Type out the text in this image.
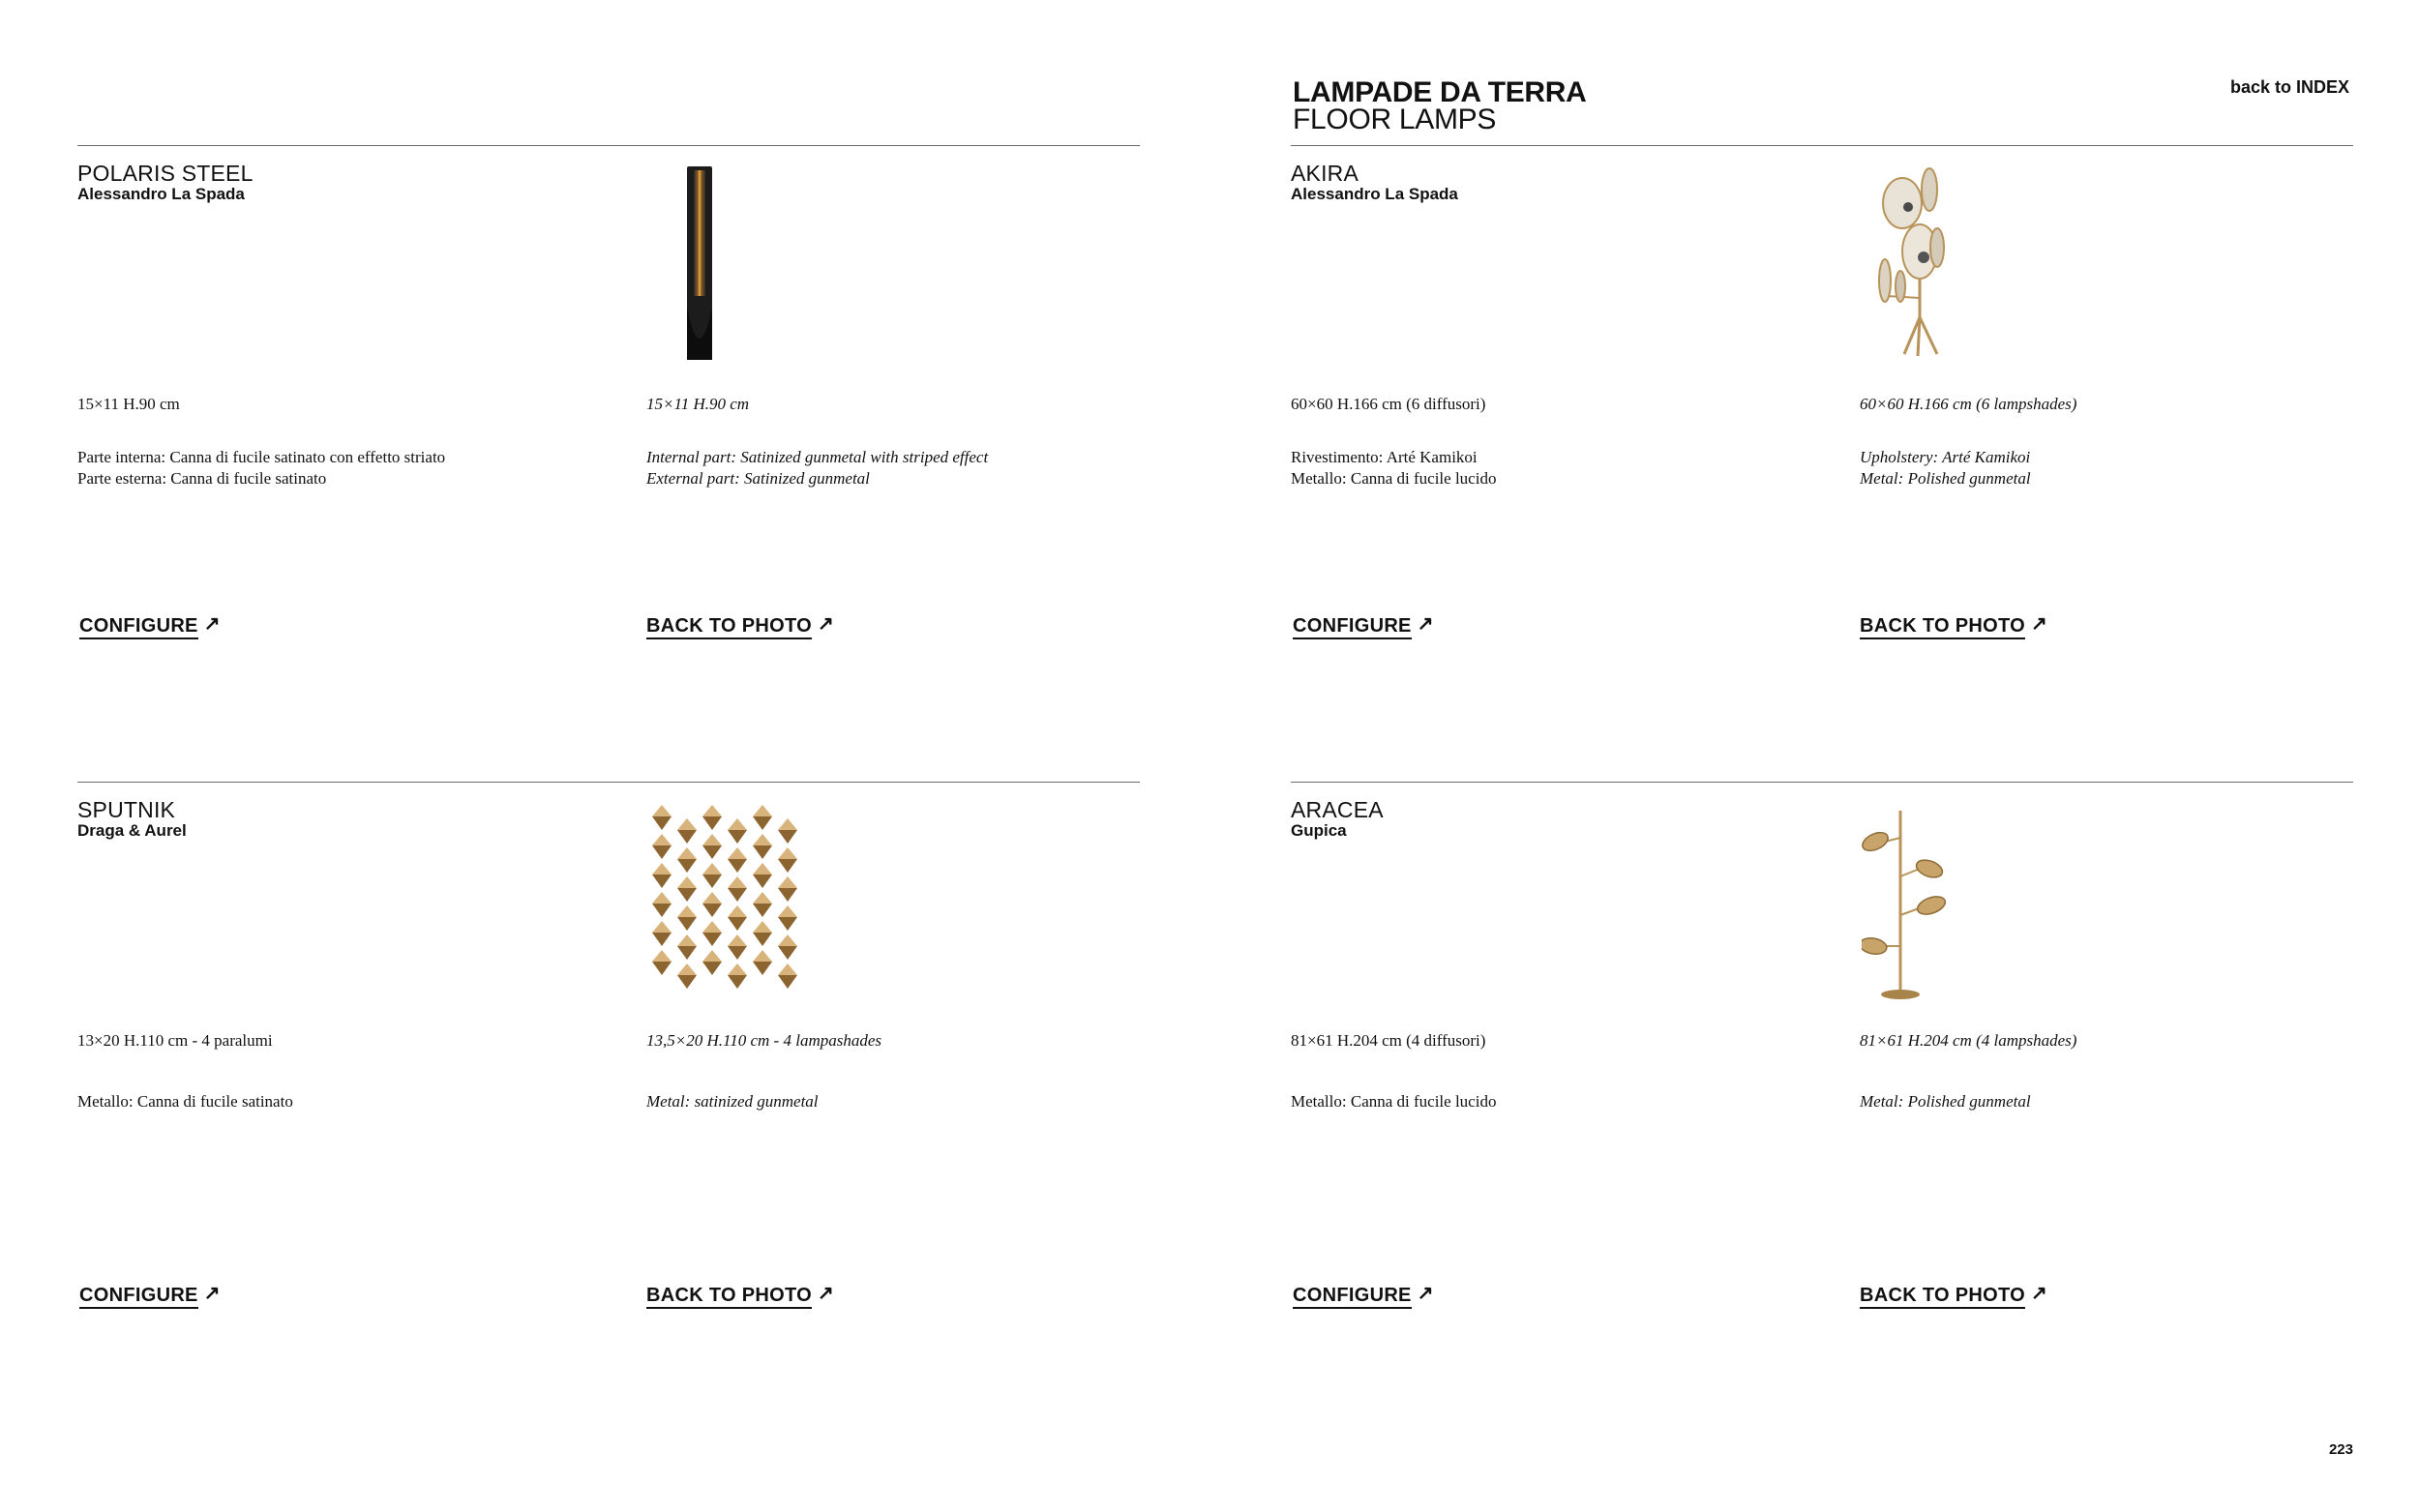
LAMPADE DA TERRA
FLOOR LAMPS
back to INDEX
POLARIS STEEL
Alessandro La Spada
15×11 H.90 cm	15×11 H.90 cm
Parte interna: Canna di fucile satinato con effetto striato
Parte esterna: Canna di fucile satinato
Internal part: Satinized gunmetal with striped effect
External part: Satinized gunmetal
CONFIGURE ↗	BACK TO PHOTO ↗
AKIRA
Alessandro La Spada
60×60 H.166 cm (6 diffusori)	60×60 H.166 cm (6 lampshades)
Rivestimento: Arté Kamikoi
Metallo: Canna di fucile lucido
Upholstery: Arté Kamikoi
Metal: Polished gunmetal
CONFIGURE ↗	BACK TO PHOTO ↗
SPUTNIK
Draga & Aurel
13×20 H.110 cm - 4 paralumi	13,5×20 H.110 cm - 4 lampashades
Metallo: Canna di fucile satinato	Metal: satinized gunmetal
CONFIGURE ↗	BACK TO PHOTO ↗
ARACEA
Gupica
81×61 H.204 cm (4 diffusori)	81×61 H.204 cm (4 lampshades)
Metallo: Canna di fucile lucido	Metal: Polished gunmetal
CONFIGURE ↗	BACK TO PHOTO ↗
223
